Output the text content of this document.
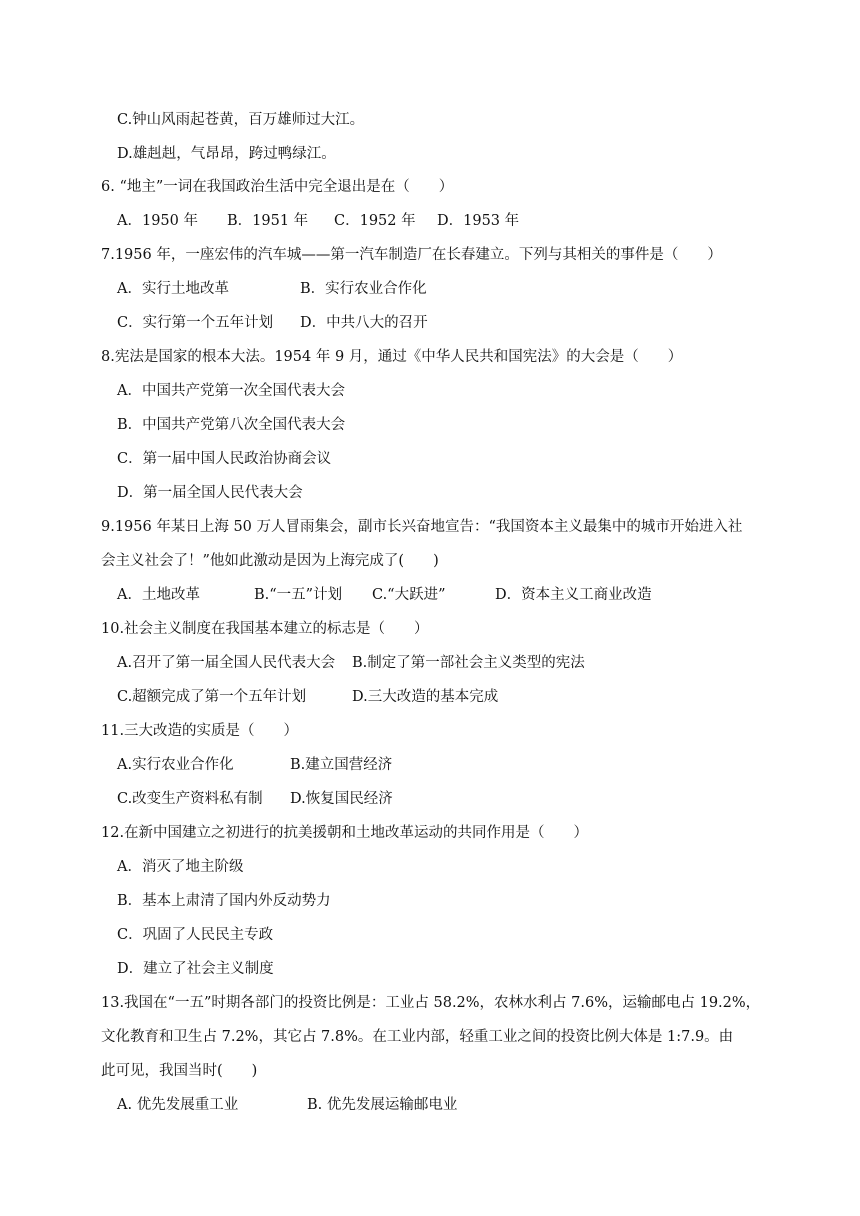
C.钟山风雨起苍黄，百万雄师过大江。
D.雄赳赳，气昂昂，跨过鸭绿江。
6. “地主”一词在我国政治生活中完全退出是在（　　）
A．1950 年 B．1951 年 C．1952 年 D．1953 年
7.1956 年，一座宏伟的汽车城——第一汽车制造厂在长春建立。下列与其相关的事件是（　　）
A．实行土地改革	B．实行农业合作化
C．实行第一个五年计划 D．中共八大的召开
8.宪法是国家的根本大法。1954 年 9 月，通过《中华人民共和国宪法》的大会是（　　）
A．中国共产党第一次全国代表大会
B．中国共产党第八次全国代表大会
C．第一届中国人民政治协商会议
D．第一届全国人民代表大会
9.1956 年某日上海 50 万人冒雨集会，副市长兴奋地宣告：“我国资本主义最集中的城市开始进入社
会主义社会了！”他如此激动是因为上海完成了(　　)
A．土地改革	B.“一五”计划 C.“大跃进”	D．资本主义工商业改造
10.社会主义制度在我国基本建立的标志是（　　）
A.召开了第一届全国人民代表大会 B.制定了第一部社会主义类型的宪法
C.超额完成了第一个五年计划	D.三大改造的基本完成
11.三大改造的实质是（　　）
A.实行农业合作化	B.建立国营经济
C.改变生产资料私有制 D.恢复国民经济
12.在新中国建立之初进行的抗美援朝和土地改革运动的共同作用是（　　）
A．消灭了地主阶级
B．基本上肃清了国内外反动势力
C．巩固了人民民主专政
D．建立了社会主义制度
13.我国在“一五”时期各部门的投资比例是：工业占 58.2%，农林水利占 7.6%，运输邮电占 19.2%，
文化教育和卫生占 7.2%，其它占 7.8%。在工业内部，轻重工业之间的投资比例大体是 1:7.9。由
此可见，我国当时(　　)
A. 优先发展重工业	B. 优先发展运输邮电业
